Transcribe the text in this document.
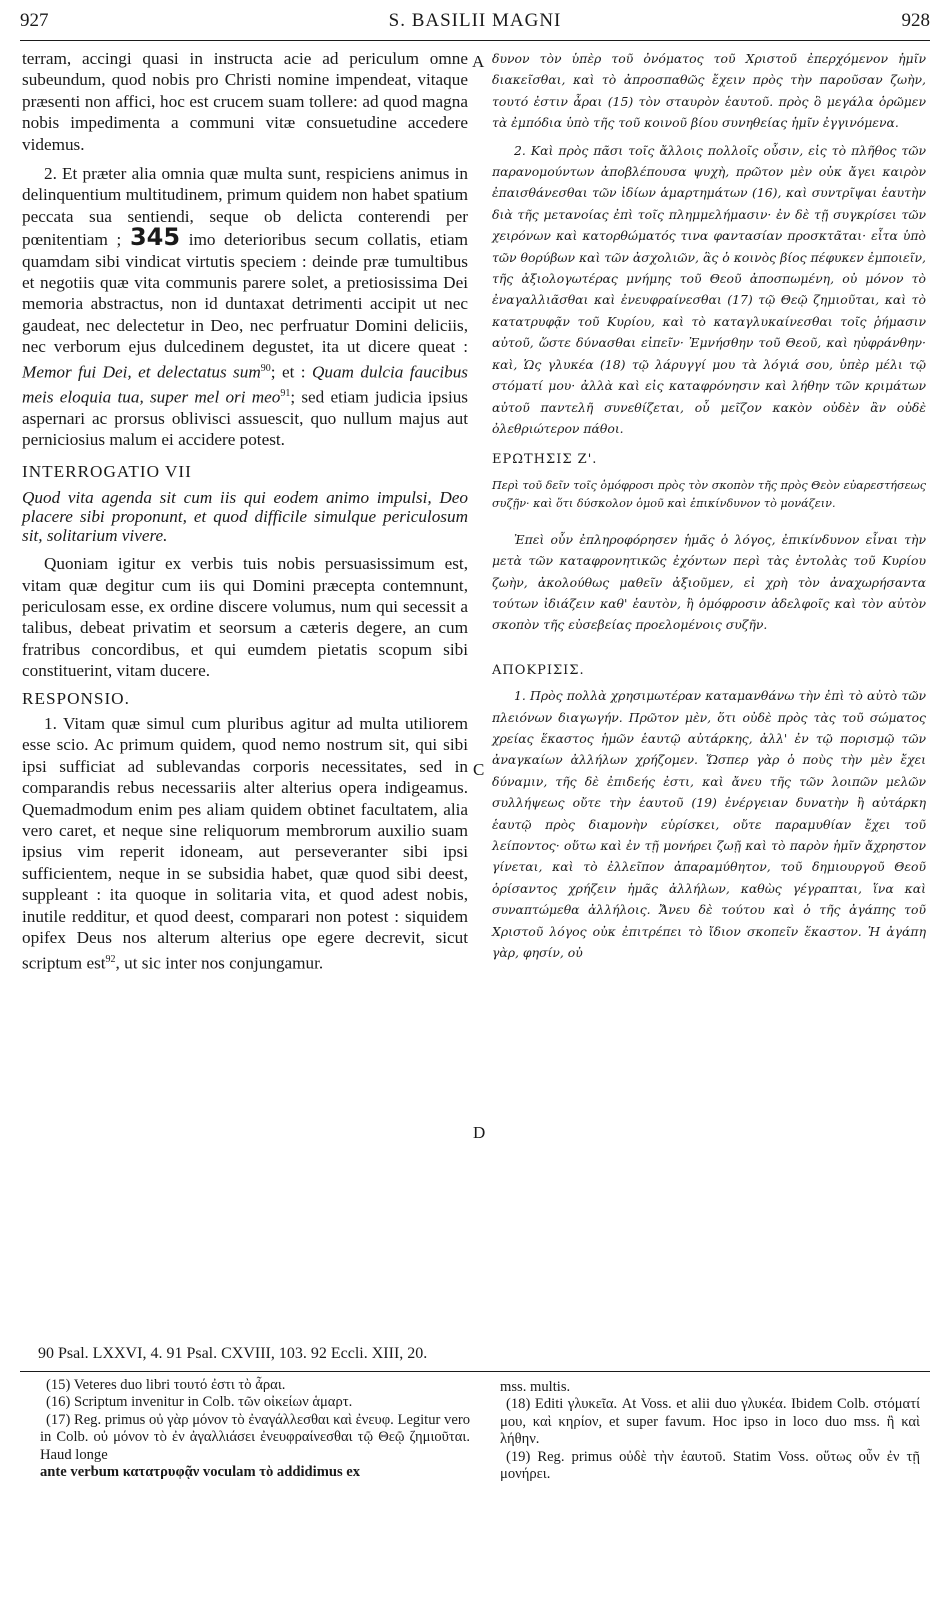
927	S. BASILII MAGNI	928

terram, accingi quasi in instructa acie ad periculum omne subeundum, quod nobis pro Christi nomine impendeat, vitaque præsenti non affici, hoc est crucem suam tollere: ad quod magna nobis impedimenta a communi vitæ consuetudine accedere videmus.

2. Et præter alia omnia quæ multa sunt, respiciens animus in delinquentium multitudinem, primum quidem non habet spatium peccata sua sentiendi, seque ob delicta conterendi per pœnitentiam ; 345 imo deterioribus secum collatis, etiam quamdam sibi vindicat virtutis speciem : deinde præ tumultibus et negotiis quæ vita communis parere solet, a pretiosissima Dei memoria abstractus, non id duntaxat detrimenti accipit ut nec gaudeat, nec delectetur in Deo, nec perfruatur Domini deliciis, nec verborum ejus dulcedinem degustet, ita ut dicere queat : Memor fui Dei, et delectatus sum$^{90}$; et : Quam dulcia faucibus meis eloquia tua, super mel ori meo$^{91}$; sed etiam judicia ipsius aspernari ac prorsus oblivisci assuescit, quo nullum majus aut perniciosius malum ei accidere potest.

INTERROGATIO VII

Quod vita agenda sit cum iis qui eodem animo impulsi, Deo placere sibi proponunt, et quod difficile simulque periculosum sit, solitarium vivere.

Quoniam igitur ex verbis tuis nobis persuasissimum est, vitam quæ degitur cum iis qui Domini præcepta contemnunt, periculosam esse, ex ordine discere volumus, num qui secessit a talibus, debeat privatim et seorsum a cæteris degere, an cum fratribus concordibus, et qui eumdem pietatis scopum sibi constituerint, vitam ducere.

RESPONSIO.

1. Vitam quæ simul cum pluribus agitur ad multa utiliorem esse scio. Ac primum quidem, quod nemo nostrum sit, qui sibi ipsi sufficiat ad sublevandas corporis necessitates, sed in comparandis rebus necessariis alter alterius opera indigeamus. Quemadmodum enim pes aliam quidem obtinet facultatem, alia vero caret, et neque sine reliquorum membrorum auxilio suam ipsius vim reperit idoneam, aut perseveranter sibi ipsi sufficientem, neque in se subsidia habet, quæ quod sibi deest, suppleant : ita quoque in solitaria vita, et quod adest nobis, inutile redditur, et quod deest, comparari non potest : siquidem opifex Deus nos alterum alterius ope egere decrevit, sicut scriptum est$^{92}$, ut sic inter nos conjungamur.

A
C
D

δυνον τὸν ὑπὲρ τοῦ ὀνόματος τοῦ Χριστοῦ ἐπερχόμενον ἡμῖν διακεῖσθαι, καὶ τὸ ἀπροσπαθῶς ἔχειν πρὸς τὴν παροῦσαν ζωὴν, τουτό ἐστιν ἆραι (15) τὸν σταυρὸν ἑαυτοῦ. πρὸς ὃ μεγάλα ὁρῶμεν τὰ ἐμπόδια ὑπὸ τῆς τοῦ κοινοῦ βίου συνηθείας ἡμῖν ἐγγινόμενα.

2. Καὶ πρὸς πᾶσι τοῖς ἄλλοις πολλοῖς οὖσιν, εἰς τὸ πλῆθος τῶν παρανομούντων ἀποβλέπουσα ψυχὴ, πρῶτον μὲν οὐκ ἄγει καιρὸν ἐπαισθάνεσθαι τῶν ἰδίων ἁμαρτημάτων (16), καὶ συντρῖψαι ἑαυτὴν διὰ τῆς μετανοίας ἐπὶ τοῖς πλημμελήμασιν· ἐν δὲ τῇ συγκρίσει τῶν χειρόνων καὶ κατορθώματός τινα φαντασίαν προσκτᾶται· εἶτα ὑπὸ τῶν θορύβων καὶ τῶν ἀσχολιῶν, ἃς ὁ κοινὸς βίος πέφυκεν ἐμποιεῖν, τῆς ἀξιολογωτέρας μνήμης τοῦ Θεοῦ ἀποσπωμένη, οὐ μόνον τὸ ἐναγαλλιᾶσθαι καὶ ἐνευφραίνεσθαι (17) τῷ Θεῷ ζημιοῦται, καὶ τὸ κατατρυφᾷν τοῦ Κυρίου, καὶ τὸ καταγλυκαίνεσθαι τοῖς ῥήμασιν αὐτοῦ, ὥστε δύνασθαι εἰπεῖν· Ἐμνήσθην τοῦ Θεοῦ, καὶ ηὐφράνθην· καὶ, Ὡς γλυκέα (18) τῷ λάρυγγί μου τὰ λόγιά σου, ὑπὲρ μέλι τῷ στόματί μου· ἀλλὰ καὶ εἰς καταφρόνησιν καὶ λήθην τῶν κριμάτων αὐτοῦ παντελῆ συνεθίζεται, οὗ μεῖζον κακὸν οὐδὲν ἂν οὐδὲ ὀλεθριώτερον πάθοι.

ΕΡΩΤΗΣΙΣ Ζ'.

Περὶ τοῦ δεῖν τοῖς ὁμόφροσι πρὸς τὸν σκοπὸν τῆς πρὸς Θεὸν εὐαρεστήσεως συζῇν· καὶ ὅτι δύσκολον ὁμοῦ καὶ ἐπικίνδυνον τὸ μονάζειν.

Ἐπεὶ οὖν ἐπληροφόρησεν ἡμᾶς ὁ λόγος, ἐπικίνδυνον εἶναι τὴν μετὰ τῶν καταφρονητικῶς ἐχόντων περὶ τὰς ἐντολὰς τοῦ Κυρίου ζωὴν, ἀκολούθως μαθεῖν ἀξιοῦμεν, εἰ χρὴ τὸν ἀναχωρήσαντα τούτων ἰδιάζειν καθ' ἑαυτὸν, ἢ ὁμόφροσιν ἀδελφοῖς καὶ τὸν αὐτὸν σκοπὸν τῆς εὐσεβείας προελομένοις συζῆν.

ΑΠΟΚΡΙΣΙΣ.

1. Πρὸς πολλὰ χρησιμωτέραν καταμανθάνω τὴν ἐπὶ τὸ αὐτὸ τῶν πλειόνων διαγωγήν. Πρῶτον μὲν, ὅτι οὐδὲ πρὸς τὰς τοῦ σώματος χρείας ἕκαστος ἡμῶν ἑαυτῷ αὐτάρκης, ἀλλ' ἐν τῷ πορισμῷ τῶν ἀναγκαίων ἀλλήλων χρήζομεν. Ὥσπερ γὰρ ὁ ποὺς τὴν μὲν ἔχει δύναμιν, τῆς δὲ ἐπιδεής ἐστι, καὶ ἄνευ τῆς τῶν λοιπῶν μελῶν συλλήψεως οὔτε τὴν ἑαυτοῦ (19) ἐνέργειαν δυνατὴν ἢ αὐτάρκη ἑαυτῷ πρὸς διαμονὴν εὑρίσκει, οὔτε παραμυθίαν ἔχει τοῦ λείποντος· οὕτω καὶ ἐν τῇ μονήρει ζωῇ καὶ τὸ παρὸν ἡμῖν ἄχρηστον γίνεται, καὶ τὸ ἐλλεῖπον ἀπαραμύθητον, τοῦ δημιουργοῦ Θεοῦ ὁρίσαντος χρήζειν ἡμᾶς ἀλλήλων, καθὼς γέγραπται, ἵνα καὶ συναπτώμεθα ἀλλήλοις. Ἄνευ δὲ τούτου καὶ ὁ τῆς ἀγάπης τοῦ Χριστοῦ λόγος οὐκ ἐπιτρέπει τὸ ἴδιον σκοπεῖν ἕκαστον. Ἡ ἀγάπη γὰρ, φησίν, οὐ

90 Psal. LXXVI, 4. 91 Psal. CXVIII, 103. 92 Eccli. XIII, 20.

(15) Veteres duo libri τουτό ἐστι τὸ ἆραι.

(16) Scriptum invenitur in Colb. τῶν οἰκείων ἁμαρτ.

(17) Reg. primus οὐ γὰρ μόνον τὸ ἐναγάλλεσθαι καὶ ἐνευφ. Legitur vero in Colb. οὐ μόνον τὸ ἐν ἀγαλλιάσει ἐνευφραίνεσθαι τῷ Θεῷ ζημιοῦται. Haud longe

ante verbum κατατρυφᾷν voculam τὸ addidimus ex

mss. multis.

(18) Editi γλυκεῖα. At Voss. et alii duo γλυκέα. Ibidem Colb. στόματί μου, καὶ κηρίον, et super favum. Hoc ipso in loco duo mss. ἢ καὶ λήθην.

(19) Reg. primus οὐδὲ τὴν ἑαυτοῦ. Statim Voss. οὕτως οὖν ἐν τῇ μονήρει.
